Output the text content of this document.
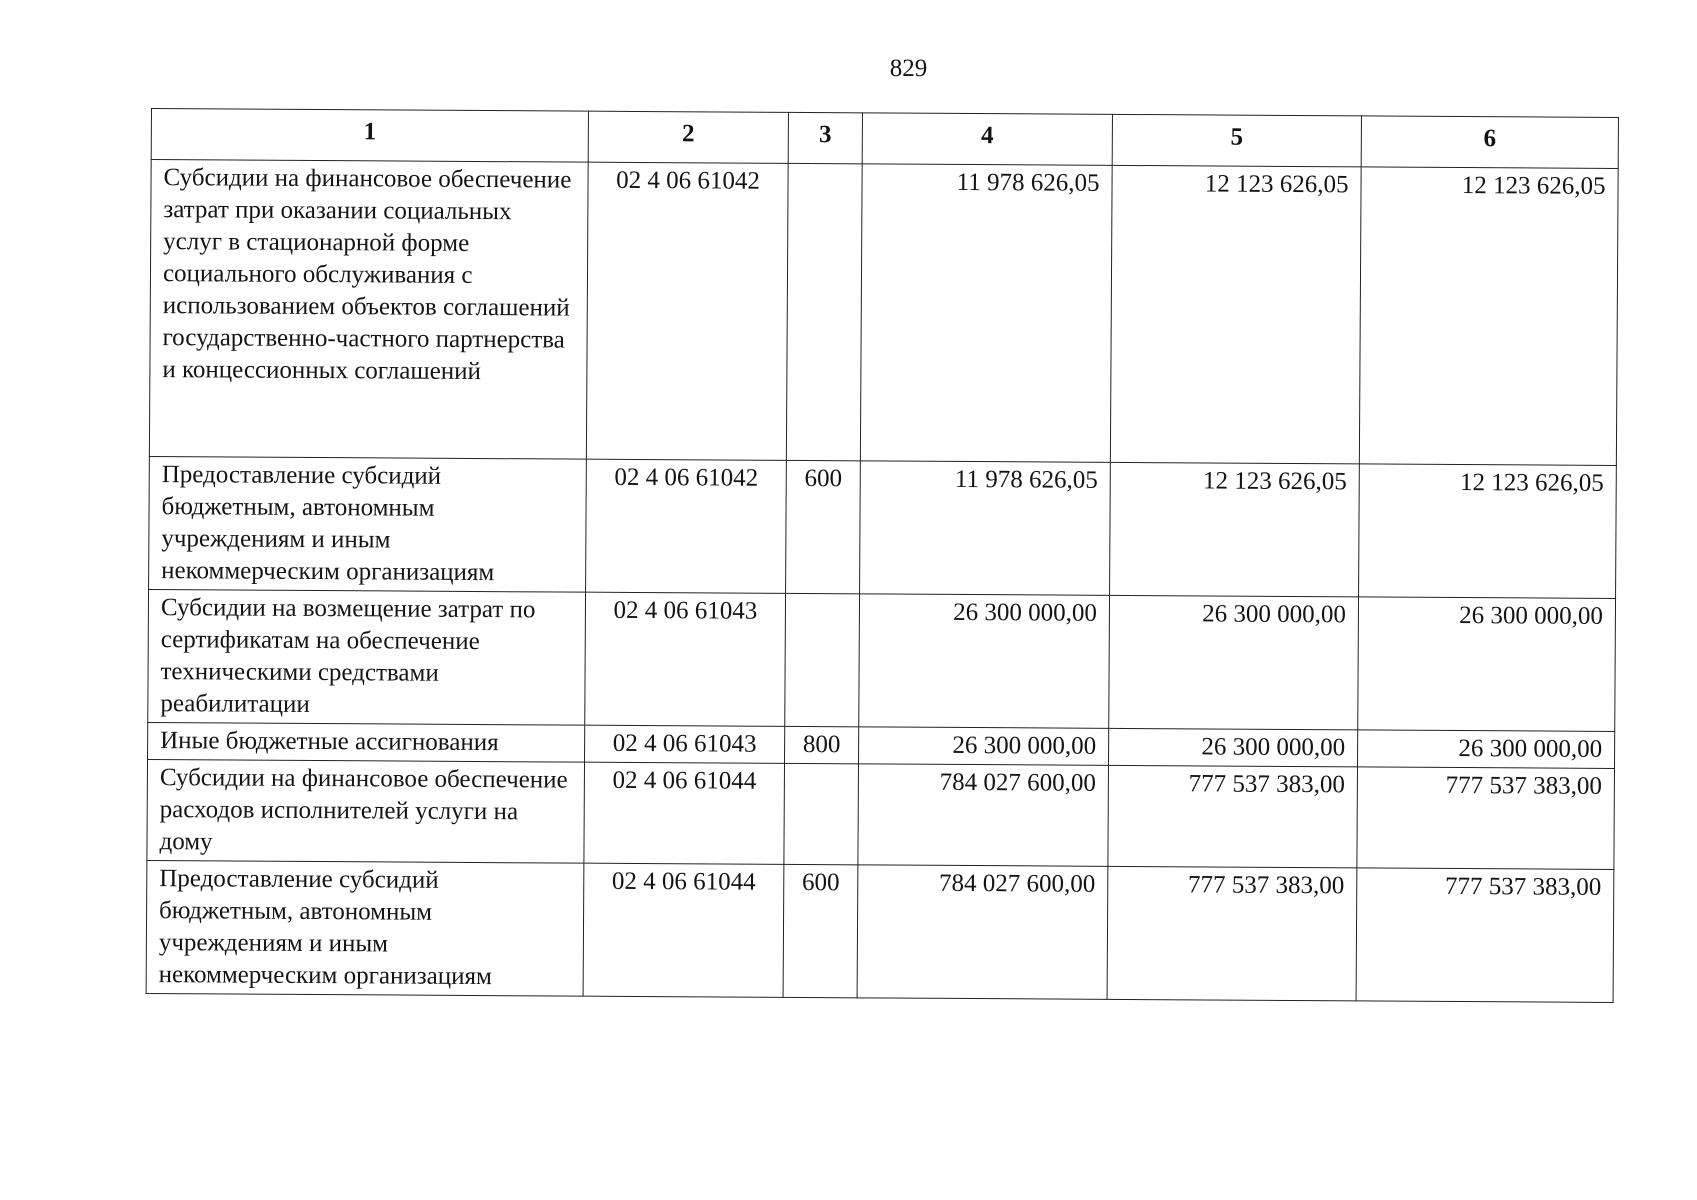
829
1	2	3	4	5	6
Субсидии на финансовое обеспечение затрат при оказании социальных услуг в стационарной форме социального обслуживания с использованием объектов соглашений государственно-частного партнерства и концессионных соглашений	02 4 06 61042		11 978 626,05	12 123 626,05	12 123 626,05
Предоставление субсидий бюджетным, автономным учреждениям и иным некоммерческим организациям	02 4 06 61042	600	11 978 626,05	12 123 626,05	12 123 626,05
Субсидии на возмещение затрат по сертификатам на обеспечение техническими средствами реабилитации	02 4 06 61043		26 300 000,00	26 300 000,00	26 300 000,00
Иные бюджетные ассигнования	02 4 06 61043	800	26 300 000,00	26 300 000,00	26 300 000,00
Субсидии на финансовое обеспечение расходов исполнителей услуги на дому	02 4 06 61044		784 027 600,00	777 537 383,00	777 537 383,00
Предоставление субсидий бюджетным, автономным учреждениям и иным некоммерческим организациям	02 4 06 61044	600	784 027 600,00	777 537 383,00	777 537 383,00
